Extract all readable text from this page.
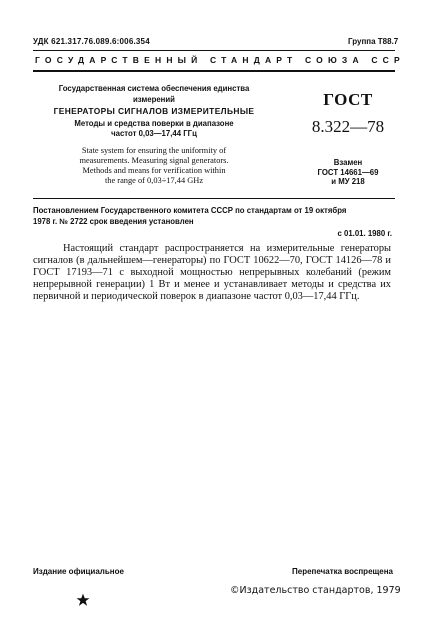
УДК 621.317.76.089.6:006.354	Группа Т88.7
ГОСУДАРСТВЕННЫЙ СТАНДАРТ СОЮЗА ССР
Государственная система обеспечения единства
измерений
ГЕНЕРАТОРЫ СИГНАЛОВ ИЗМЕРИТЕЛЬНЫЕ
Методы и средства поверки в диапазоне
частот 0,03—17,44 ГГц
State system for ensuring the uniformity of
measurements. Measuring signal generators.
Methods and means for verification within
the range of 0,03÷17,44 GHz
ГОСТ
8.322—78
Взамен
ГОСТ 14661—69
и МУ 218
Постановлением Государственного комитета СССР по стандартам от 19 октября
1978 г. № 2722 срок введения установлен
с 01.01. 1980 г.
Настоящий стандарт распространяется на измерительные генераторы сигналов (в дальнейшем—генераторы) по ГОСТ 10622—70, ГОСТ 14126—78 и ГОСТ 17193—71 с выходной мощностью непрерывных колебаний (режим непрерывной генерации) 1 Вт и менее и устанавливает методы и средства их первичной и периодической поверок в диапазоне частот 0,03—17,44 ГГц.
Издание официальное	Перепечатка воспрещена
©Издательство стандартов, 1979
